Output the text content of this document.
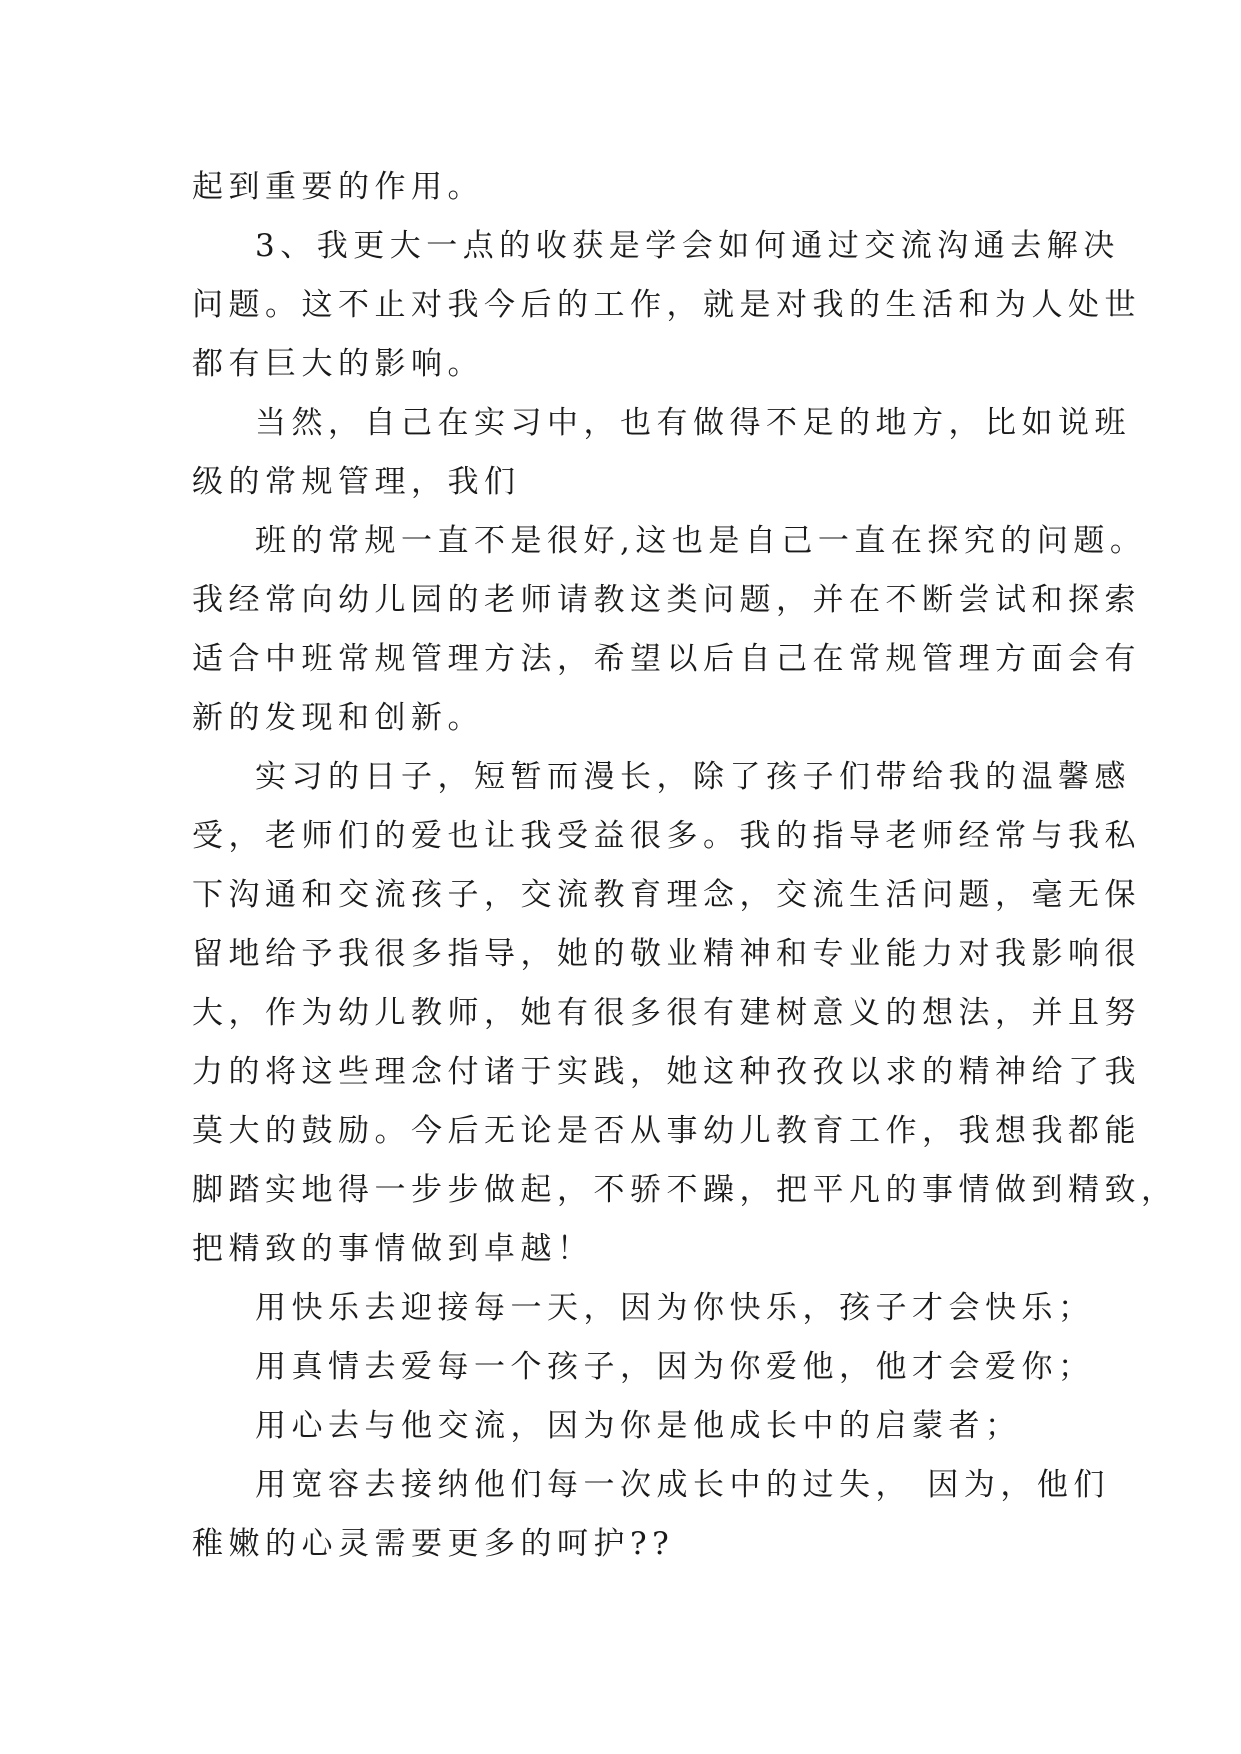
起到重要的作用。
3、我更大一点的收获是学会如何通过交流沟通去解决
问题。这不止对我今后的工作，就是对我的生活和为人处世
都有巨大的影响。
当然，自己在实习中，也有做得不足的地方，比如说班
级的常规管理，我们
班的常规一直不是很好,这也是自己一直在探究的问题。
我经常向幼儿园的老师请教这类问题，并在不断尝试和探索
适合中班常规管理方法，希望以后自己在常规管理方面会有
新的发现和创新。
实习的日子，短暂而漫长，除了孩子们带给我的温馨感
受，老师们的爱也让我受益很多。我的指导老师经常与我私
下沟通和交流孩子，交流教育理念，交流生活问题，毫无保
留地给予我很多指导，她的敬业精神和专业能力对我影响很
大，作为幼儿教师，她有很多很有建树意义的想法，并且努
力的将这些理念付诸于实践，她这种孜孜以求的精神给了我
莫大的鼓励。今后无论是否从事幼儿教育工作，我想我都能
脚踏实地得一步步做起，不骄不躁，把平凡的事情做到精致，
把精致的事情做到卓越！
用快乐去迎接每一天，因为你快乐，孩子才会快乐；
用真情去爱每一个孩子，因为你爱他，他才会爱你；
用心去与他交流，因为你是他成长中的启蒙者；
用宽容去接纳他们每一次成长中的过失， 因为，他们
稚嫩的心灵需要更多的呵护??
